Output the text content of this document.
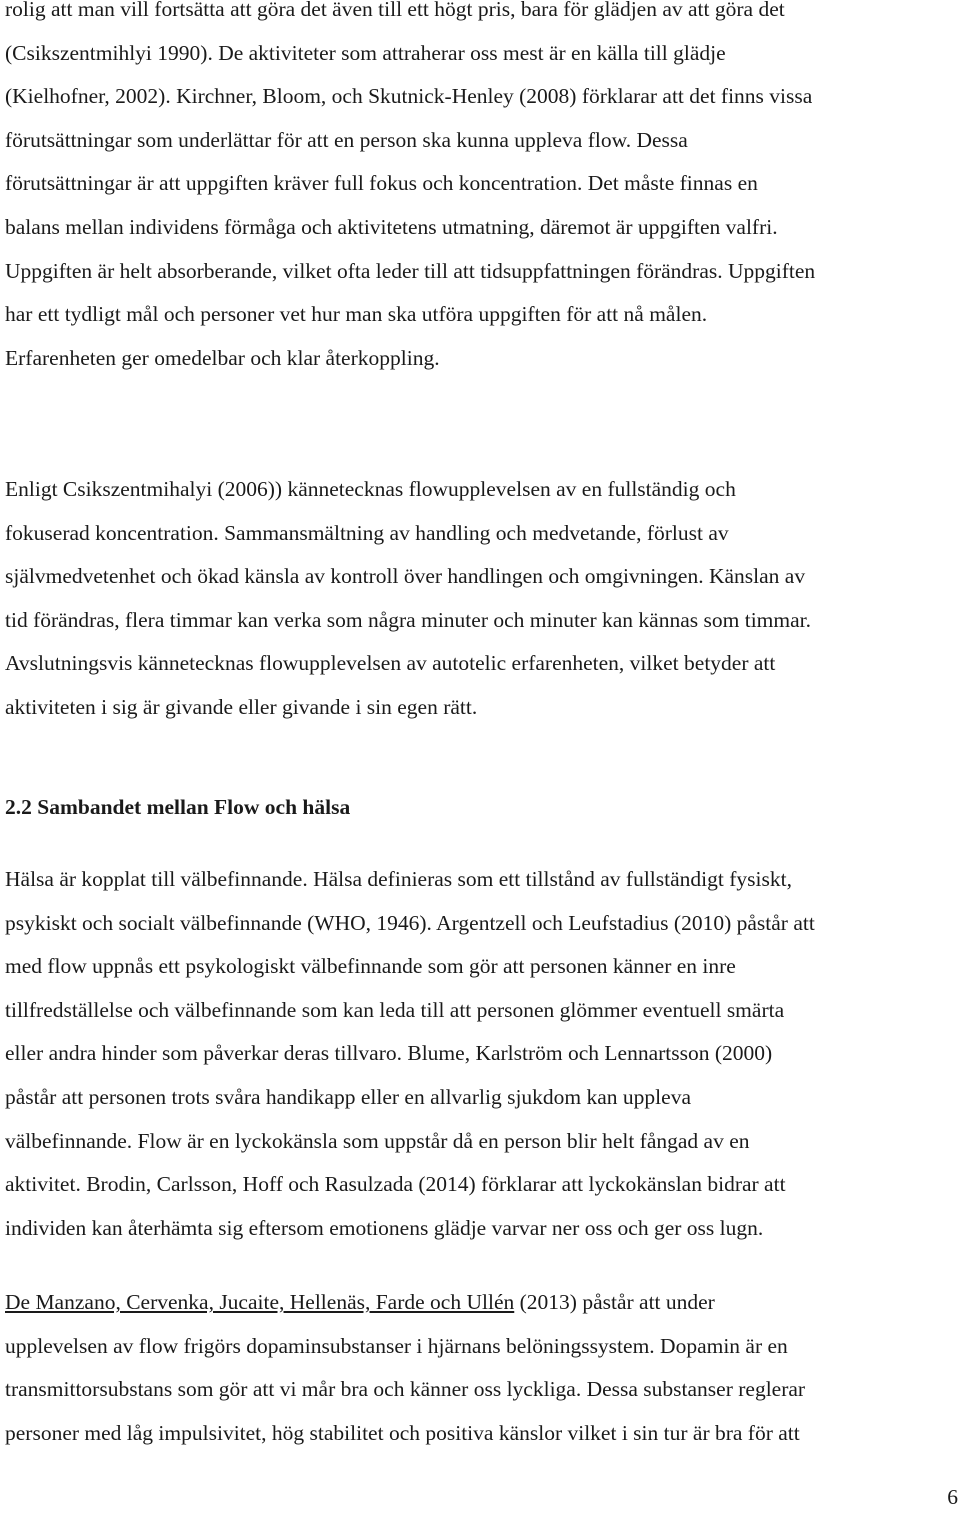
rolig att man vill fortsätta att göra det även till ett högt pris, bara för glädjen av att göra det
(Csikszentmihlyi 1990). De aktiviteter som attraherar oss mest är en källa till glädje
(Kielhofner, 2002). Kirchner, Bloom, och Skutnick-Henley (2008) förklarar att det finns vissa
förutsättningar som underlättar för att en person ska kunna uppleva flow. Dessa
förutsättningar är att uppgiften kräver full fokus och koncentration. Det måste finnas en
balans mellan individens förmåga och aktivitetens utmatning, däremot är uppgiften valfri.
Uppgiften är helt absorberande, vilket ofta leder till att tidsuppfattningen förändras. Uppgiften
har ett tydligt mål och personer vet hur man ska utföra uppgiften för att nå målen.
Erfarenheten ger omedelbar och klar återkoppling.
Enligt Csikszentmihalyi (2006)) kännetecknas flowupplevelsen av en fullständig och
fokuserad koncentration. Sammansmältning av handling och medvetande, förlust av
självmedvetenhet och ökad känsla av kontroll över handlingen och omgivningen. Känslan av
tid förändras, flera timmar kan verka som några minuter och minuter kan kännas som timmar.
Avslutningsvis kännetecknas flowupplevelsen av autotelic erfarenheten, vilket betyder att
aktiviteten i sig är givande eller givande i sin egen rätt.
2.2 Sambandet mellan Flow och hälsa
Hälsa är kopplat till välbefinnande. Hälsa definieras som ett tillstånd av fullständigt fysiskt,
psykiskt och socialt välbefinnande (WHO, 1946). Argentzell och Leufstadius (2010) påstår att
med flow uppnås ett psykologiskt välbefinnande som gör att personen känner en inre
tillfredställelse och välbefinnande som kan leda till att personen glömmer eventuell smärta
eller andra hinder som påverkar deras tillvaro. Blume, Karlström och Lennartsson (2000)
påstår att personen trots svåra handikapp eller en allvarlig sjukdom kan uppleva
välbefinnande. Flow är en lyckokänsla som uppstår då en person blir helt fångad av en
aktivitet. Brodin, Carlsson, Hoff och Rasulzada (2014) förklarar att lyckokänslan bidrar att
individen kan återhämta sig eftersom emotionens glädje varvar ner oss och ger oss lugn.
De Manzano, Cervenka, Jucaite, Hellenäs, Farde och Ullén (2013) påstår att under
upplevelsen av flow frigörs dopaminsubstanser i hjärnans belöningssystem. Dopamin är en
transmittorsubstans som gör att vi mår bra och känner oss lyckliga. Dessa substanser reglerar
personer med låg impulsivitet, hög stabilitet och positiva känslor vilket i sin tur är bra för att
6
